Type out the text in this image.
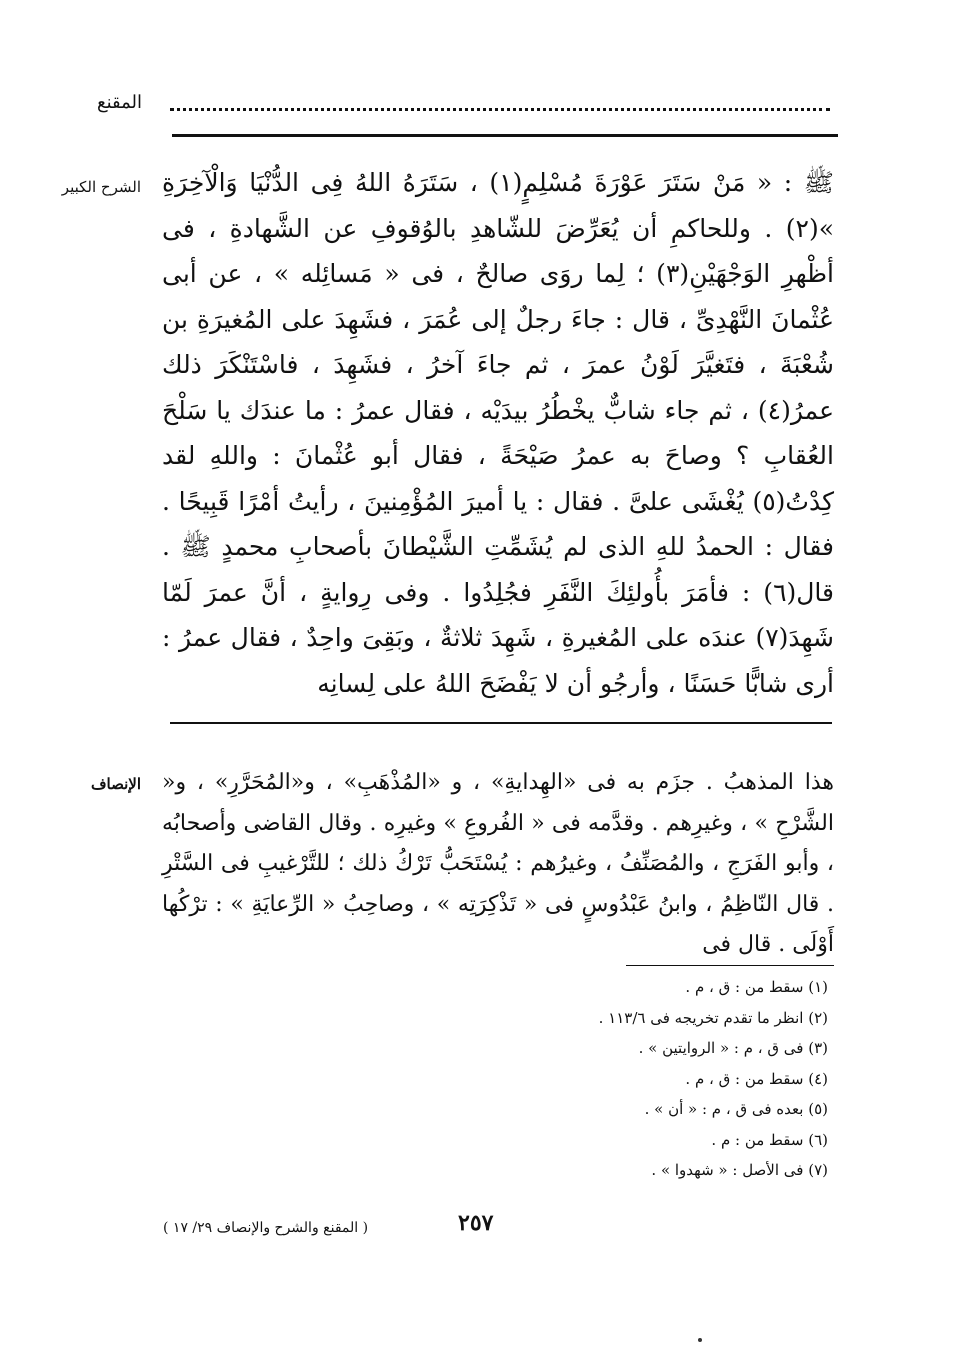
المقنع
الشرح الكبير ﷺ : « مَنْ سَتَرَ عَوْرَةَ مُسْلِمٍ(١) ، سَتَرَهُ اللهُ فِى الدُّنْيَا وَالْآخِرَةِ »(٢) . وللحاكمِ أن يُعَرِّضَ للشّاهدِ بالوُقوفِ عن الشَّهادةِ ، فى أظْهرِ الوَجْهَيْنِ(٣) ؛ لِما روَى صالحٌ ، فى « مَسائِله » ، عن أبى عُثْمانَ النَّهْدِىِّ ، قال : جاءَ رجلٌ إلى عُمَرَ ، فشَهِدَ على المُغيرَةِ بن شُعْبَةَ ، فتَغيَّرَ لَوْنُ عمرَ ، ثم جاءَ آخرُ ، فشَهِدَ ، فاسْتَنْكَرَ ذلك عمرُ(٤) ، ثم جاء شابٌّ يخْطُرُ بيدَيْه ، فقال عمرُ : ما عندَك يا سَلْحَ العُقابِ ؟ وصاحَ به عمرُ صَيْحَةً ، فقال أبو عُثْمانَ : واللهِ لقد كِدْتُ(٥) يُغْشَى علىَّ . فقال : يا أميرَ المُؤْمِنينَ ، رأيتُ أمْرًا قَبِيحًا . فقال : الحمدُ للهِ الذى لم يُشَمِّتِ الشَّيْطانَ بأصحابِ محمدٍ ﷺ . قال(٦) : فأمَرَ بأُولئِكَ النَّفَرِ فجُلِدُوا . وفى رِوايةٍ ، أنَّ عمرَ لَمّا شَهِدَ(٧) عندَه على المُغيرةِ ، شَهِدَ ثلاثةٌ ، وبَقِىَ واحِدٌ ، فقال عمرُ : أرى شابًّا حَسَنًا ، وأرجُو أن لا يَفْضَحَ اللهُ على لِسانِه
الإنصاف هذا المذهبُ . جزَم به فى «الهِدايةِ» ، و «المُذْهَبِ» ، و«المُحَرَّرِ» ، و« الشَّرْحِ » ، وغيرِهم . وقدَّمه فى « الفُروعِ » وغيرِه . وقال القاضى وأصحابُه ، وأبو الفَرَجِ ، والمُصَنِّفُ ، وغيرُهم : يُسْتَحَبُّ تَرْكُ ذلك ؛ للتَّرْغيبِ فى السَّتْرِ . قال النّاظِمُ ، وابنُ عَبْدُوسٍ فى « تَذْكِرَتِه » ، وصاحِبُ « الرِّعايَةِ » : ترْكُها أَوْلَى . قال فى
(١) سقط من : ق ، م .
(٢) انظر ما تقدم تخريجه فى ١١٣/٦ .
(٣) فى ق ، م : « الروايتين » .
(٤) سقط من : ق ، م .
(٥) بعده فى ق ، م : « أن » .
(٦) سقط من : م .
(٧) فى الأصل : « شهدوا » .
٢٥٧
( المقنع والشرح والإنصاف ٢٩/ ١٧ )
